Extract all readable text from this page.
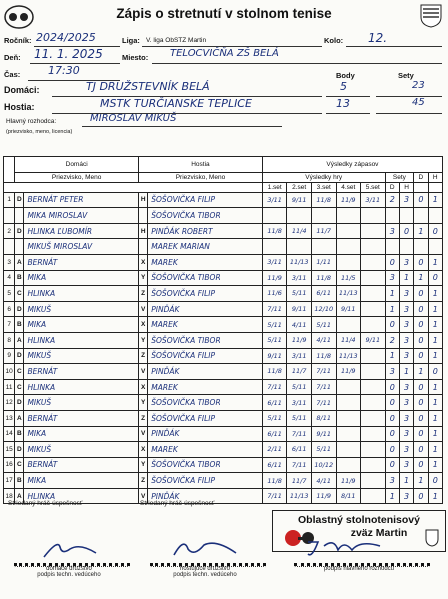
Zápis o stretnutí v stolnom tenise
Ročník: 2024/2025	Liga: V. liga ObSTZ Martin	Kolo: 12.
Deň: 11. 1. 2025	Miesto: TELOCVIČŇA ZŠ BELÁ
Čas:	17:30	Body	Sety
Domáci:	TJ DRUŽSTEVNÍK BELÁ	5	23
Hostia:	MSTK TURČIANSKE TEPLICE	13	45
Hlavný rozhodca:	MIROSLAV MIKUŠ
(priezvisko, meno, licencia)
	Domáci		Hostia		Výsledky zápasov								
	Priezvisko, Meno		Priezvisko, Meno		Výsledky hry					Sety		D	H
					1.set	2.set	3.set	4.set	5.set	D	H		
1	D	BERNÁT PETER	H	ŠOŠOVIČKA FILIP	3/11	9/11	11/8	11/9	3/11	2	3	0	1
		MIKA MIROSLAV		ŠOŠOVIČKA TIBOR	

2	D	HLINKA ĽUBOMÍR	H	PINĎÁK ROBERT	11/8	11/4	11/7			3	0	1	0
		MIKUŠ MIROSLAV		MAREK MARIAN	

3	A	BERNÁT	X	MAREK	3/11	11/13	1/11			0	3	0	1
4	B	MIKA	Y	ŠOŠOVIČKA TIBOR	11/9	3/11	11/8	11/5		3	1	1	0
5	C	HLINKA	Z	ŠOŠOVIČKA FILIP	11/6	5/11	6/11	11/13		1	3	0	1
6	D	MIKUŠ	V	PINĎÁK	7/11	9/11	12/10	9/11		1	3	0	1
7	B	MIKA	X	MAREK	5/11	4/11	5/11			0	3	0	1
8	A	HLINKA	Y	ŠOŠOVIČKA TIBOR	5/11	11/9	4/11	11/4	9/11	2	3	0	1
9	D	MIKUŠ	Z	ŠOŠOVIČKA FILIP	9/11	3/11	11/8	11/13		1	3	0	1
10	C	BERNÁT	V	PINĎÁK	11/8	11/7	7/11	11/9		3	1	1	0
11	C	HLINKA	X	MAREK	7/11	5/11	7/11			0	3	0	1
12	D	MIKUŠ	Y	ŠOŠOVIČKA TIBOR	6/11	3/11	7/11			0	3	0	1
13	A	BERNÁT	Z	ŠOŠOVIČKA FILIP	5/11	5/11	8/11			0	3	0	1
14	B	MIKA	V	PINĎÁK	6/11	7/11	9/11			0	3	0	1
15	D	MIKUŠ	X	MAREK	2/11	6/11	5/11			0	3	0	1
16	C	BERNÁT	Y	ŠOŠOVIČKA TIBOR	6/11	7/11	10/12			0	3	0	1
17	B	MIKA	Z	ŠOŠOVIČKA FILIP	11/8	11/7	4/11	11/9		3	1	1	0
18	A	HLINKA	V	PINĎÁK	7/11	11/13	11/9	8/11		1	3	0	1
Striedaný hráč-úspešnosť	Striedaný hráč-úspešnosť
Oblastný stolnotenisový
zväz Martin
domáce družstvo
podpis techn. vedúceho
hostujúce družstvo
podpis techn. vedúceho
podpis hlavného rozhodcu
